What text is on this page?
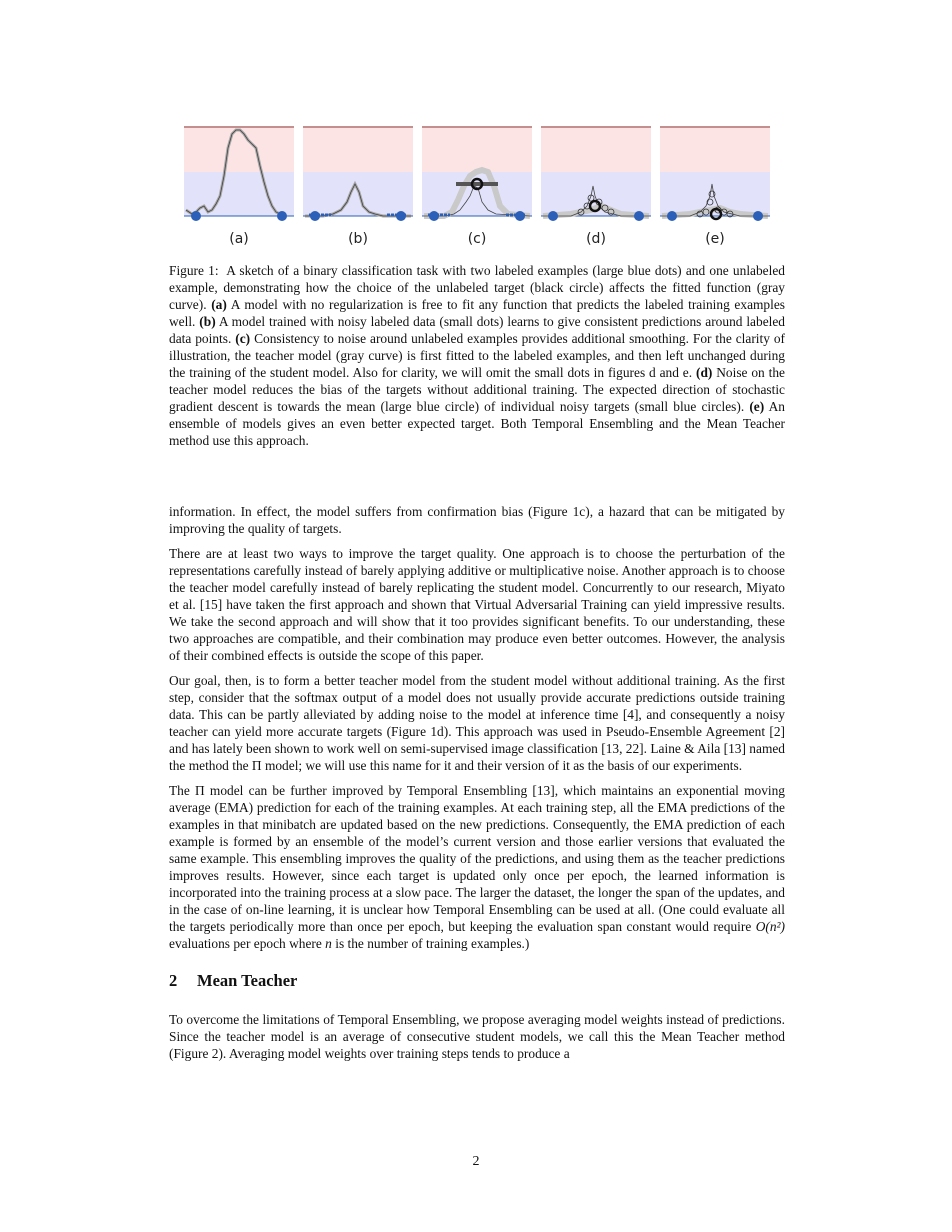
(a)	(b)	(c)	(d)	(e)
Figure 1: A sketch of a binary classification task with two labeled examples (large blue dots) and one unlabeled example, demonstrating how the choice of the unlabeled target (black circle) affects the fitted function (gray curve). (a) A model with no regularization is free to fit any function that predicts the labeled training examples well. (b) A model trained with noisy labeled data (small dots) learns to give consistent predictions around labeled data points. (c) Consistency to noise around unlabeled examples provides additional smoothing. For the clarity of illustration, the teacher model (gray curve) is first fitted to the labeled examples, and then left unchanged during the training of the student model. Also for clarity, we will omit the small dots in figures d and e. (d) Noise on the teacher model reduces the bias of the targets without additional training. The expected direction of stochastic gradient descent is towards the mean (large blue circle) of individual noisy targets (small blue circles). (e) An ensemble of models gives an even better expected target. Both Temporal Ensembling and the Mean Teacher method use this approach.

information. In effect, the model suffers from confirmation bias (Figure 1c), a hazard that can be mitigated by improving the quality of targets.

There are at least two ways to improve the target quality. One approach is to choose the perturbation of the representations carefully instead of barely applying additive or multiplicative noise. Another approach is to choose the teacher model carefully instead of barely replicating the student model. Concurrently to our research, Miyato et al. [15] have taken the first approach and shown that Virtual Adversarial Training can yield impressive results. We take the second approach and will show that it too provides significant benefits. To our understanding, these two approaches are compatible, and their combination may produce even better outcomes. However, the analysis of their combined effects is outside the scope of this paper.

Our goal, then, is to form a better teacher model from the student model without additional training. As the first step, consider that the softmax output of a model does not usually provide accurate predictions outside training data. This can be partly alleviated by adding noise to the model at inference time [4], and consequently a noisy teacher can yield more accurate targets (Figure 1d). This approach was used in Pseudo-Ensemble Agreement [2] and has lately been shown to work well on semi-supervised image classification [13, 22]. Laine & Aila [13] named the method the Π model; we will use this name for it and their version of it as the basis of our experiments.

The Π model can be further improved by Temporal Ensembling [13], which maintains an exponential moving average (EMA) prediction for each of the training examples. At each training step, all the EMA predictions of the examples in that minibatch are updated based on the new predictions. Consequently, the EMA prediction of each example is formed by an ensemble of the model’s current version and those earlier versions that evaluated the same example. This ensembling improves the quality of the predictions, and using them as the teacher predictions improves results. However, since each target is updated only once per epoch, the learned information is incorporated into the training process at a slow pace. The larger the dataset, the longer the span of the updates, and in the case of on-line learning, it is unclear how Temporal Ensembling can be used at all. (One could evaluate all the targets periodically more than once per epoch, but keeping the evaluation span constant would require O(n²) evaluations per epoch where n is the number of training examples.)

2 Mean Teacher

To overcome the limitations of Temporal Ensembling, we propose averaging model weights instead of predictions. Since the teacher model is an average of consecutive student models, we call this the Mean Teacher method (Figure 2). Averaging model weights over training steps tends to produce a

2
